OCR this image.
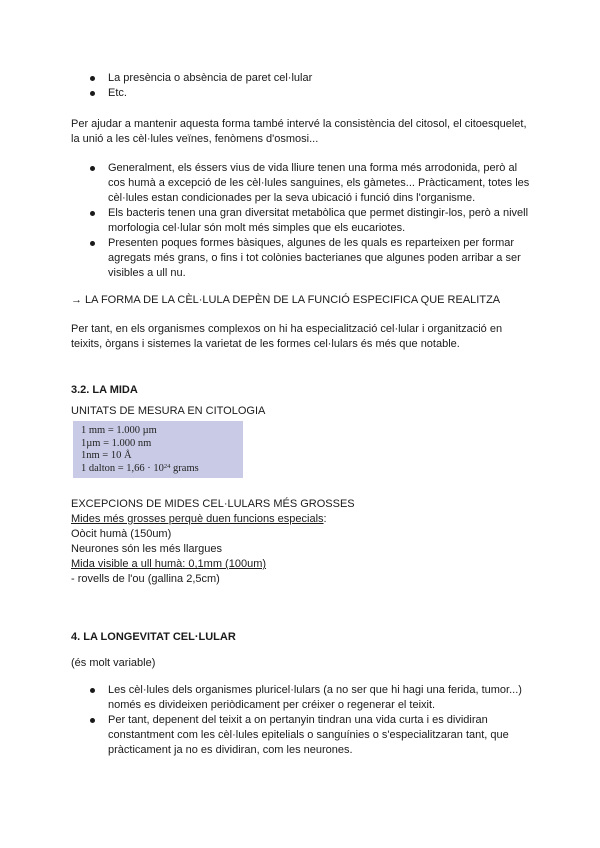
La presència o absència de paret cel·lular
Etc.

Per ajudar a mantenir aquesta forma també intervé la consistència del citosol, el citoesquelet, la unió a les cèl·lules veïnes, fenòmens d'osmosi...

Generalment, els éssers vius de vida lliure tenen una forma més arrodonida, però al cos humà a excepció de les cèl·lules sanguines, els gàmetes... Pràcticament, totes les cèl·lules estan condicionades per la seva ubicació i funció dins l'organisme.
Els bacteris tenen una gran diversitat metabòlica que permet distingir-los, però a nivell morfologia cel·lular són molt més simples que els eucariotes.
Presenten poques formes bàsiques, algunes de les quals es reparteixen per formar agregats més grans, o fins i tot colònies bacterianes que algunes poden arribar a ser visibles a ull nu.

→ LA FORMA DE LA CÈL·LULA DEPÈN DE LA FUNCIÓ ESPECIFICA QUE REALITZA

Per tant, en els organismes complexos on hi ha especialització cel·lular i organització en teixits, òrgans i sistemes la varietat de les formes cel·lulars és més que notable.

3.2. LA MIDA

UNITATS DE MESURA EN CITOLOGIA

1 mm = 1.000 µm
1µm = 1.000 nm
1nm = 10 Å
1 dalton = $1,66 \cdot 10^{24}$ grams

EXCEPCIONS DE MIDES CEL·LULARS MÉS GROSSES

Mides més grosses perquè duen funcions especials:

Oòcit humà (150um)

Neurones són les més llargues

Mida visible a ull humà: 0,1mm (100um)

- rovells de l'ou (gallina 2,5cm)

4. LA LONGEVITAT CEL·LULAR

(és molt variable)

Les cèl·lules dels organismes pluricel·lulars (a no ser que hi hagi una ferida, tumor...) només es divideixen periòdicament per créixer o regenerar el teixit.
Per tant, depenent del teixit a on pertanyin tindran una vida curta i es dividiran constantment com les cèl·lules epitelials o sanguínies o s'especialitzaran tant, que pràcticament ja no es dividiran, com les neurones.
